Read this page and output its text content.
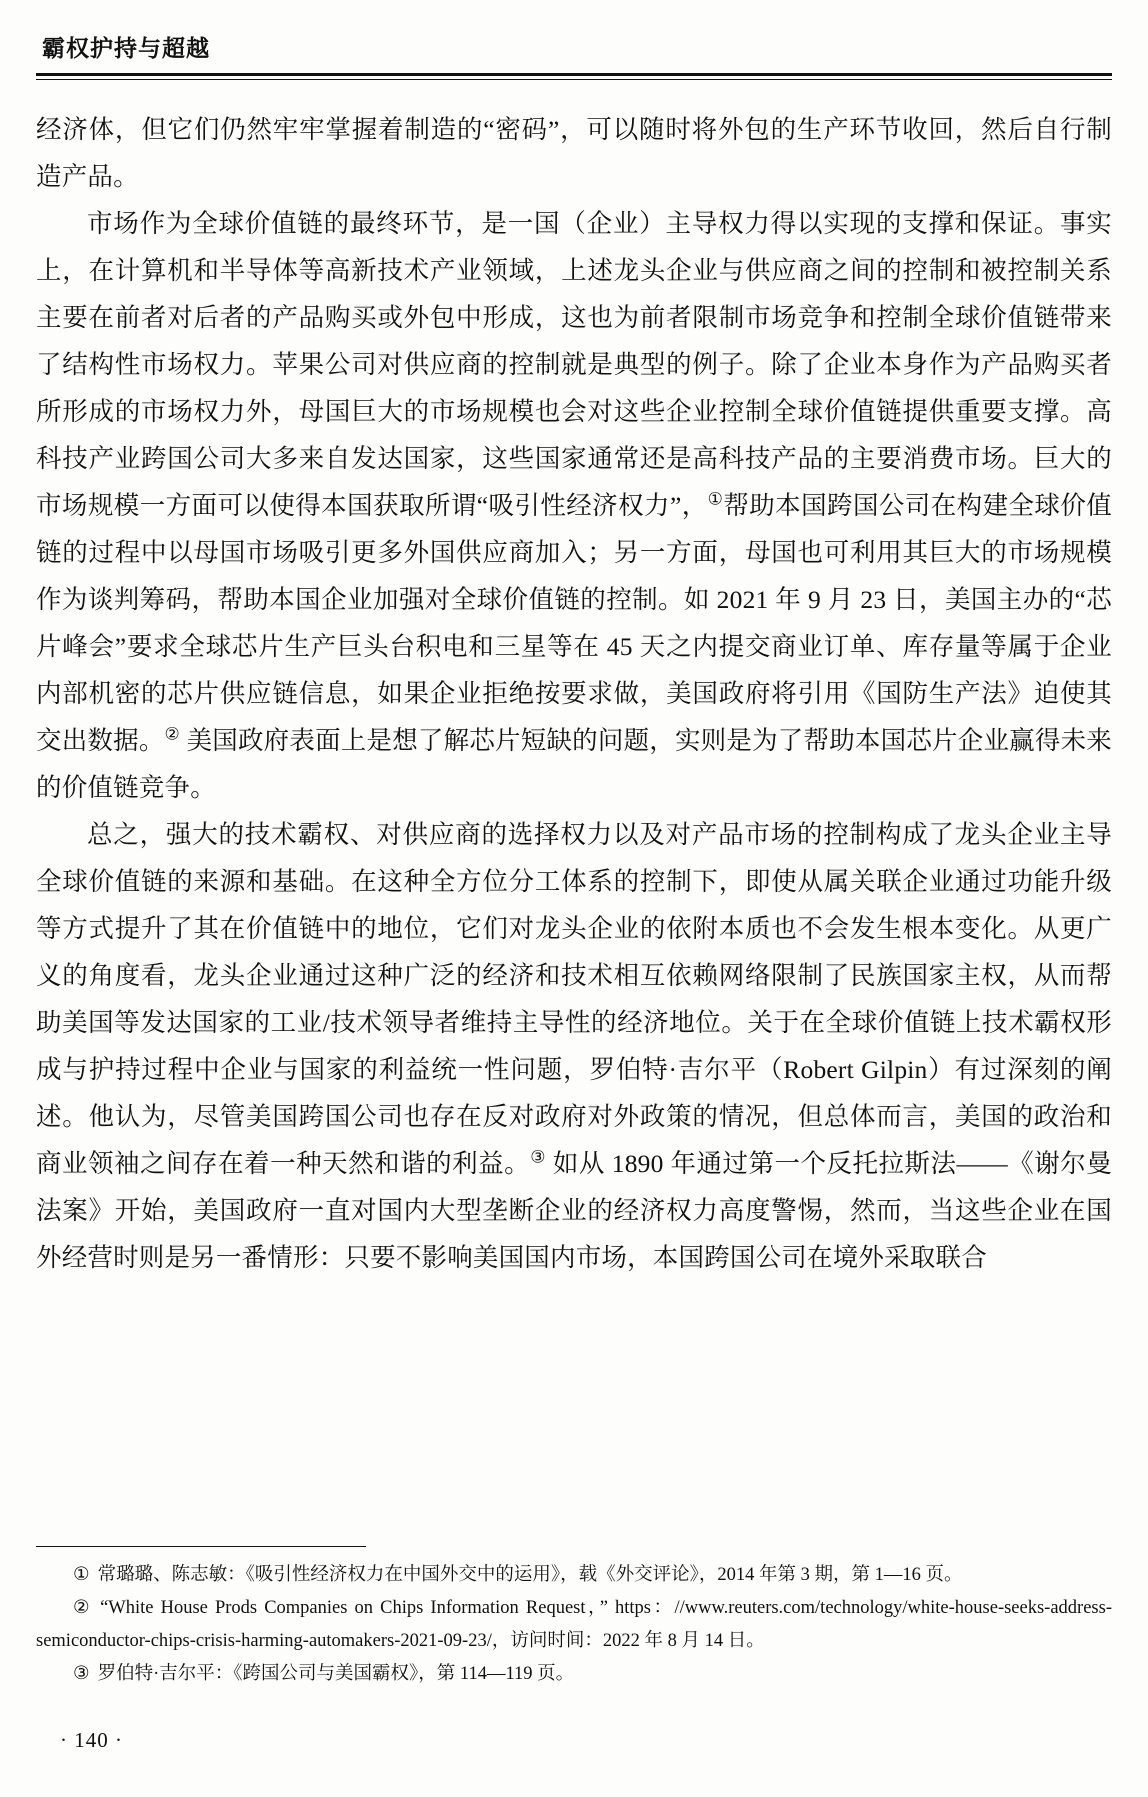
霸权护持与超越

经济体，但它们仍然牢牢掌握着制造的“密码”，可以随时将外包的生产环节收回，然后自行制造产品。

市场作为全球价值链的最终环节，是一国（企业）主导权力得以实现的支撑和保证。事实上，在计算机和半导体等高新技术产业领域，上述龙头企业与供应商之间的控制和被控制关系主要在前者对后者的产品购买或外包中形成，这也为前者限制市场竞争和控制全球价值链带来了结构性市场权力。苹果公司对供应商的控制就是典型的例子。除了企业本身作为产品购买者所形成的市场权力外，母国巨大的市场规模也会对这些企业控制全球价值链提供重要支撑。高科技产业跨国公司大多来自发达国家，这些国家通常还是高科技产品的主要消费市场。巨大的市场规模一方面可以使得本国获取所谓“吸引性经济权力”，①帮助本国跨国公司在构建全球价值链的过程中以母国市场吸引更多外国供应商加入；另一方面，母国也可利用其巨大的市场规模作为谈判筹码，帮助本国企业加强对全球价值链的控制。如 2021 年 9 月 23 日，美国主办的“芯片峰会”要求全球芯片生产巨头台积电和三星等在 45 天之内提交商业订单、库存量等属于企业内部机密的芯片供应链信息，如果企业拒绝按要求做，美国政府将引用《国防生产法》迫使其交出数据。② 美国政府表面上是想了解芯片短缺的问题，实则是为了帮助本国芯片企业赢得未来的价值链竞争。

总之，强大的技术霸权、对供应商的选择权力以及对产品市场的控制构成了龙头企业主导全球价值链的来源和基础。在这种全方位分工体系的控制下，即使从属关联企业通过功能升级等方式提升了其在价值链中的地位，它们对龙头企业的依附本质也不会发生根本变化。从更广义的角度看，龙头企业通过这种广泛的经济和技术相互依赖网络限制了民族国家主权，从而帮助美国等发达国家的工业/技术领导者维持主导性的经济地位。关于在全球价值链上技术霸权形成与护持过程中企业与国家的利益统一性问题，罗伯特·吉尔平（Robert Gilpin）有过深刻的阐述。他认为，尽管美国跨国公司也存在反对政府对外政策的情况，但总体而言，美国的政治和商业领袖之间存在着一种天然和谐的利益。③ 如从 1890 年通过第一个反托拉斯法——《谢尔曼法案》开始，美国政府一直对国内大型垄断企业的经济权力高度警惕，然而，当这些企业在国外经营时则是另一番情形：只要不影响美国国内市场，本国跨国公司在境外采取联合

① 常璐璐、陈志敏：《吸引性经济权力在中国外交中的运用》，载《外交评论》，2014 年第 3 期，第 1—16 页。

② “White House Prods Companies on Chips Information Request，” https：//www.reuters.com/technology/white-house-seeks-address-semiconductor-chips-crisis-harming-automakers-2021-09-23/，访问时间：2022 年 8 月 14 日。

③ 罗伯特·吉尔平：《跨国公司与美国霸权》，第 114—119 页。

· 140 ·
